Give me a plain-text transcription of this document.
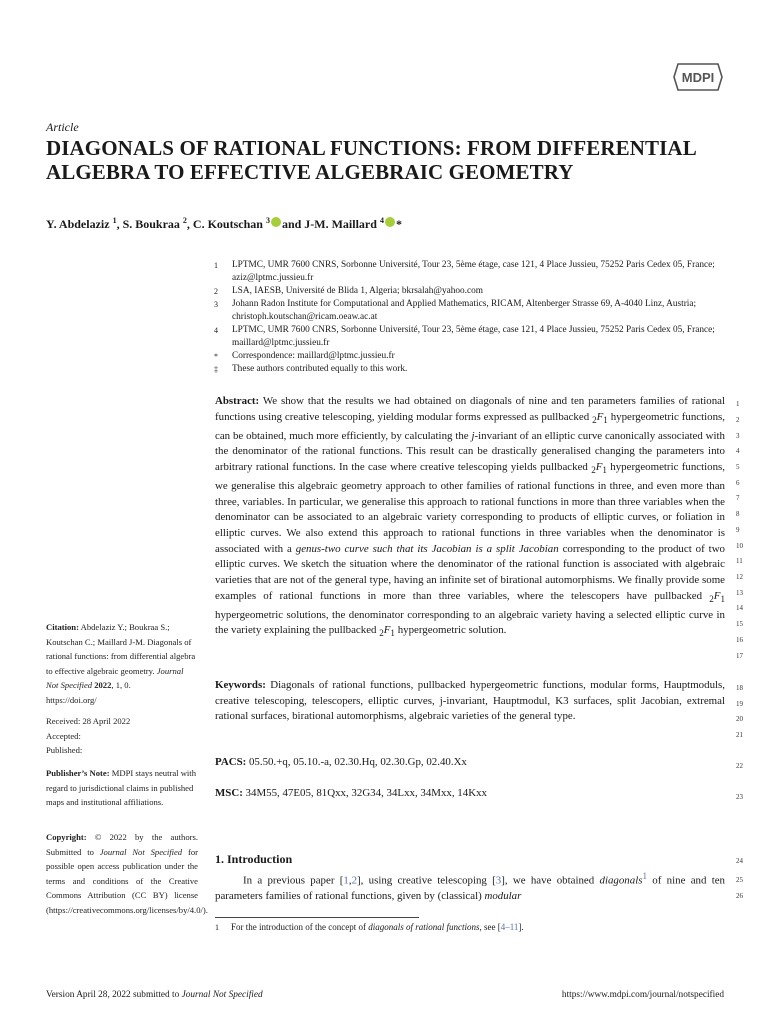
MDPI
Article
DIAGONALS OF RATIONAL FUNCTIONS: FROM DIFFERENTIAL ALGEBRA TO EFFECTIVE ALGEBRAIC GEOMETRY
Y. Abdelaziz $^1$, S. Boukraa $^2$, C. Koutschan $^3$ and J-M. Maillard $^4$ *
1	LPTMC, UMR 7600 CNRS, Sorbonne Université, Tour 23, 5ème étage, case 121, 4 Place Jussieu, 75252 Paris Cedex 05, France; aziz@lptmc.jussieu.fr
2	LSA, IAESB, Université de Blida 1, Algeria; bkrsalah@yahoo.com
3	Johann Radon Institute for Computational and Applied Mathematics, RICAM, Altenberger Strasse 69, A-4040 Linz, Austria; christoph.koutschan@ricam.oeaw.ac.at
4	LPTMC, UMR 7600 CNRS, Sorbonne Université, Tour 23, 5ème étage, case 121, 4 Place Jussieu, 75252 Paris Cedex 05, France; maillard@lptmc.jussieu.fr
*	Correspondence: maillard@lptmc.jussieu.fr
‡	These authors contributed equally to this work.
Abstract: We show that the results we had obtained on diagonals of nine and ten parameters families of rational functions using creative telescoping, yielding modular forms expressed as pullbacked $_2F_1$ hypergeometric functions, can be obtained, much more efficiently, by calculating the j-invariant of an elliptic curve canonically associated with the denominator of the rational functions. This result can be drastically generalised changing the parameters into arbitrary rational functions. In the case where creative telescoping yields pullbacked $_2F_1$ hypergeometric functions, we generalise this algebraic geometry approach to other families of rational functions in three, and even more than three, variables. In particular, we generalise this approach to rational functions in more than three variables when the denominator can be associated to an algebraic variety corresponding to products of elliptic curves, or foliation in elliptic curves. We also extend this approach to rational functions in three variables when the denominator is associated with a genus-two curve such that its Jacobian is a split Jacobian corresponding to the product of two elliptic curves. We sketch the situation where the denominator of the rational function is associated with algebraic varieties that are not of the general type, having an infinite set of birational automorphisms. We finally provide some examples of rational functions in more than three variables, where the telescopers have pullbacked $_2F_1$ hypergeometric solutions, the denominator corresponding to an algebraic variety having a selected elliptic curve in the variety explaining the pullbacked $_2F_1$ hypergeometric solution.
Keywords: Diagonals of rational functions, pullbacked hypergeometric functions, modular forms, Hauptmoduls, creative telescoping, telescopers, elliptic curves, j-invariant, Hauptmodul, K3 surfaces, split Jacobian, extremal rational surfaces, birational automorphisms, algebraic varieties of the general type.
PACS: 05.50.+q, 05.10.-a, 02.30.Hq, 02.30.Gp, 02.40.Xx
MSC: 34M55, 47E05, 81Qxx, 32G34, 34Lxx, 34Mxx, 14Kxx
1. Introduction
In a previous paper [1,2], using creative telescoping [3], we have obtained diagonals$^1$ of nine and ten parameters families of rational functions, given by (classical) modular
1
2
3
4
5
6
7
8
9
10
11
12
13
14
15
16
17
18
19
20
21
22
23
24
25
26
Citation: Abdelaziz Y.; Boukraa S.; Koutschan C.; Maillard J-M. Diagonals of rational functions: from differential algebra to effective algebraic geometry. Journal Not Specified 2022, 1, 0.
https://doi.org/
Received: 28 April 2022
Accepted:
Published:
Publisher’s Note: MDPI stays neutral with regard to jurisdictional claims in published maps and institutional affiliations.
Copyright: © 2022 by the authors. Submitted to Journal Not Specified for possible open access publication under the terms and conditions of the Creative Commons Attribution (CC BY) license (https://creativecommons.org/licenses/by/4.0/).
1 For the introduction of the concept of diagonals of rational functions, see [4–11].
Version April 28, 2022 submitted to Journal Not Specified	https://www.mdpi.com/journal/notspecified
